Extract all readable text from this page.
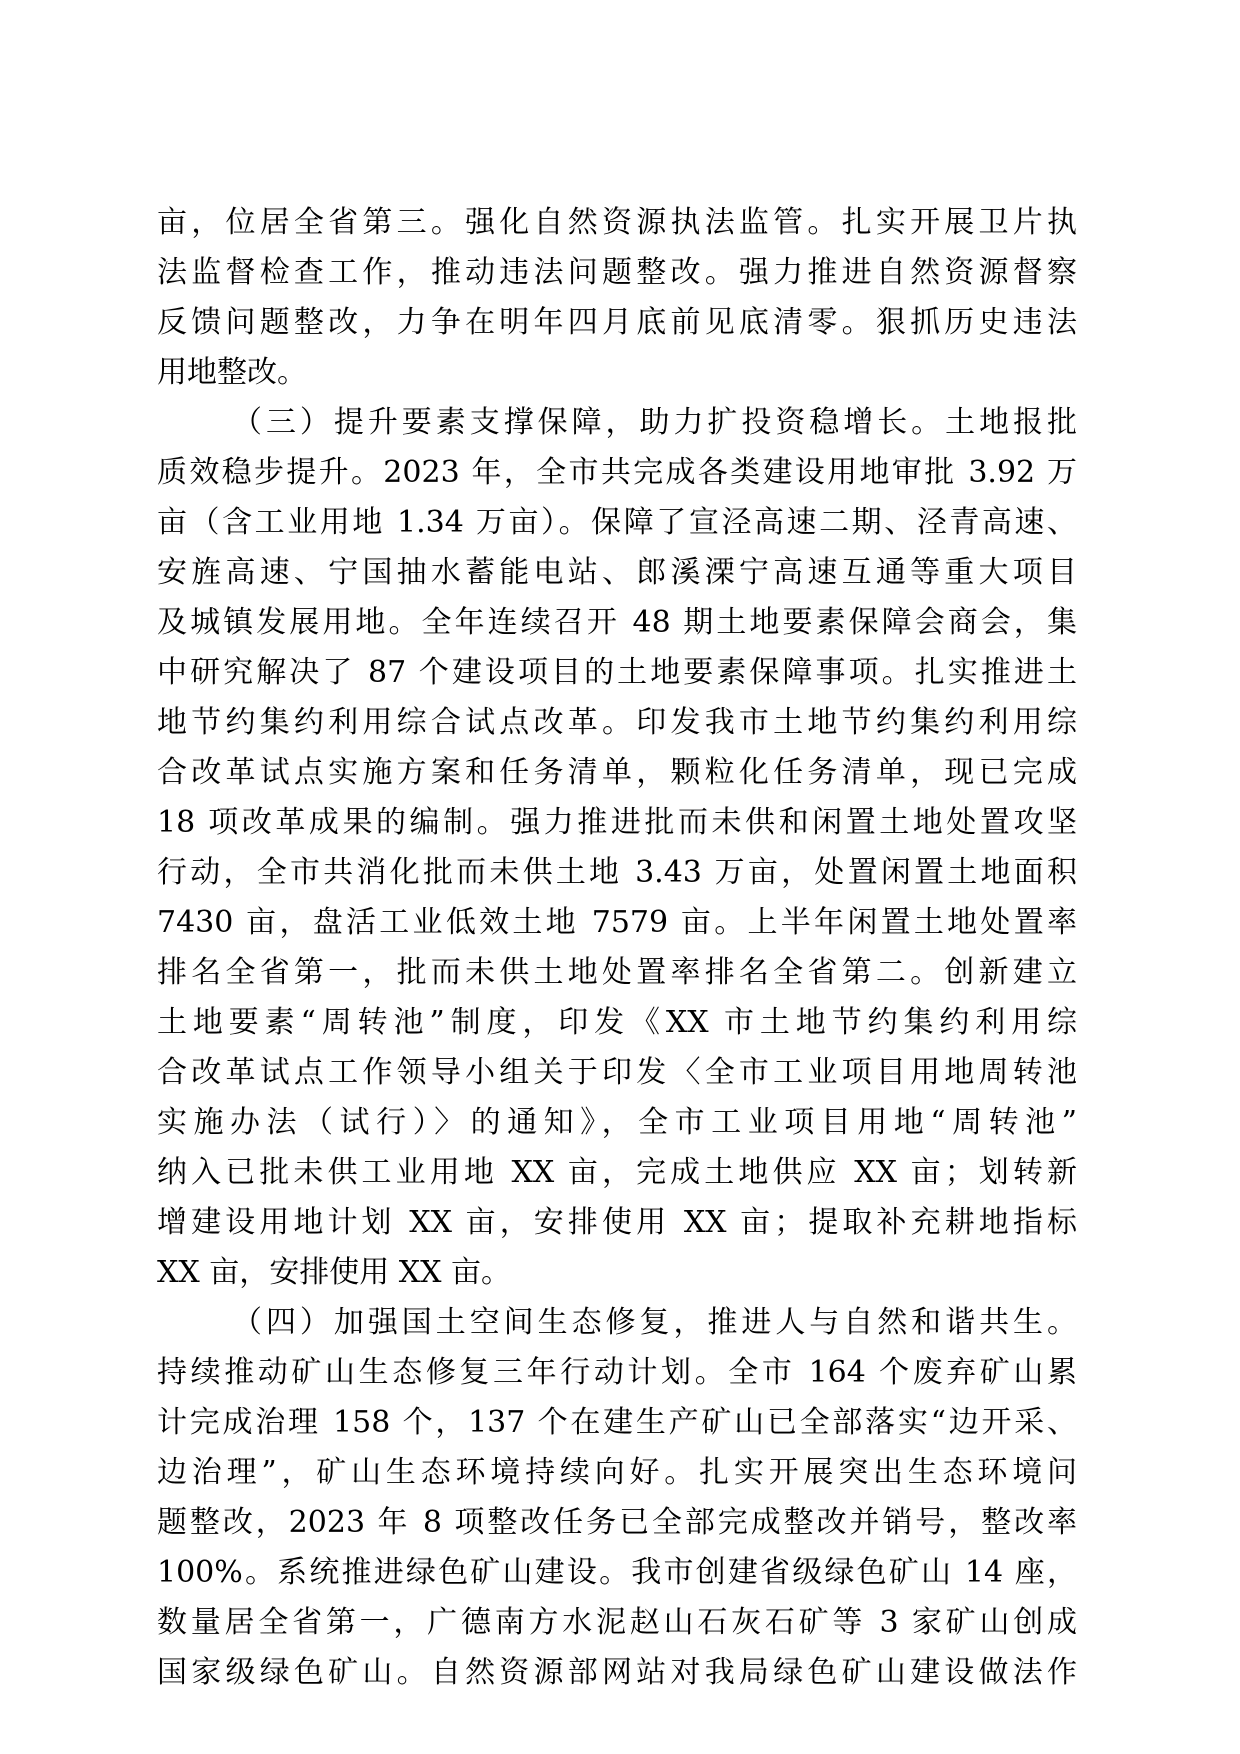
亩，位居全省第三。强化自然资源执法监管。扎实开展卫片执
法监督检查工作，推动违法问题整改。强力推进自然资源督察
反馈问题整改，力争在明年四月底前见底清零。狠抓历史违法
用地整改。
（三）提升要素支撑保障，助力扩投资稳增长。土地报批
质效稳步提升。2023 年，全市共完成各类建设用地审批 3.92 万
亩（含工业用地 1.34 万亩）。保障了宣泾高速二期、泾青高速、
安旌高速、宁国抽水蓄能电站、郎溪溧宁高速互通等重大项目
及城镇发展用地。全年连续召开 48 期土地要素保障会商会，集
中研究解决了 87 个建设项目的土地要素保障事项。扎实推进土
地节约集约利用综合试点改革。印发我市土地节约集约利用综
合改革试点实施方案和任务清单，颗粒化任务清单，现已完成
18 项改革成果的编制。强力推进批而未供和闲置土地处置攻坚
行动，全市共消化批而未供土地 3.43 万亩，处置闲置土地面积
7430 亩，盘活工业低效土地 7579 亩。上半年闲置土地处置率
排名全省第一，批而未供土地处置率排名全省第二。创新建立
土地要素“周转池”制度，印发《XX 市土地节约集约利用综
合改革试点工作领导小组关于印发〈全市工业项目用地周转池
实施办法（试行）〉的通知》，全市工业项目用地“周转池”
纳入已批未供工业用地 XX 亩，完成土地供应 XX 亩；划转新
增建设用地计划 XX 亩，安排使用 XX 亩；提取补充耕地指标
XX 亩，安排使用 XX 亩。
（四）加强国土空间生态修复，推进人与自然和谐共生。
持续推动矿山生态修复三年行动计划。全市 164 个废弃矿山累
计完成治理 158 个，137 个在建生产矿山已全部落实“边开采、
边治理”，矿山生态环境持续向好。扎实开展突出生态环境问
题整改，2023 年 8 项整改任务已全部完成整改并销号，整改率
100%。系统推进绿色矿山建设。我市创建省级绿色矿山 14 座，
数量居全省第一，广德南方水泥赵山石灰石矿等 3 家矿山创成
国家级绿色矿山。自然资源部网站对我局绿色矿山建设做法作
